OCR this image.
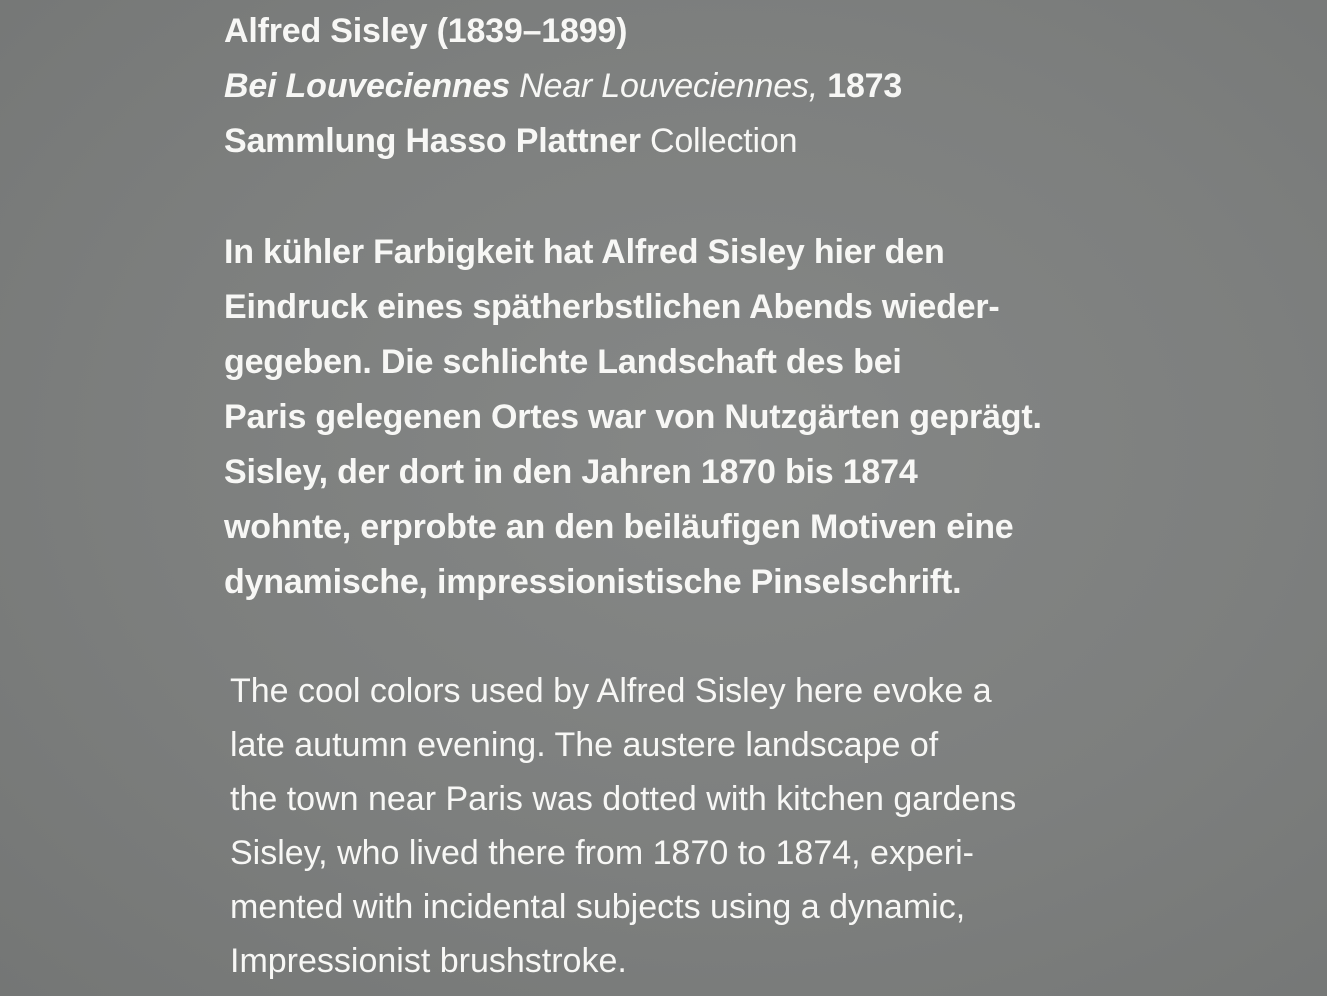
Alfred Sisley (1839–1899)
Bei Louveciennes Near Louveciennes, 1873
Sammlung Hasso Plattner Collection
In kühler Farbigkeit hat Alfred Sisley hier den
Eindruck eines spätherbstlichen Abends wieder-
gegeben. Die schlichte Landschaft des bei
Paris gelegenen Ortes war von Nutzgärten geprägt.
Sisley, der dort in den Jahren 1870 bis 1874
wohnte, erprobte an den beiläufigen Motiven eine
dynamische, impressionistische Pinselschrift.
The cool colors used by Alfred Sisley here evoke a
late autumn evening. The austere landscape of
the town near Paris was dotted with kitchen gardens
Sisley, who lived there from 1870 to 1874, experi-
mented with incidental subjects using a dynamic,
Impressionist brushstroke.
